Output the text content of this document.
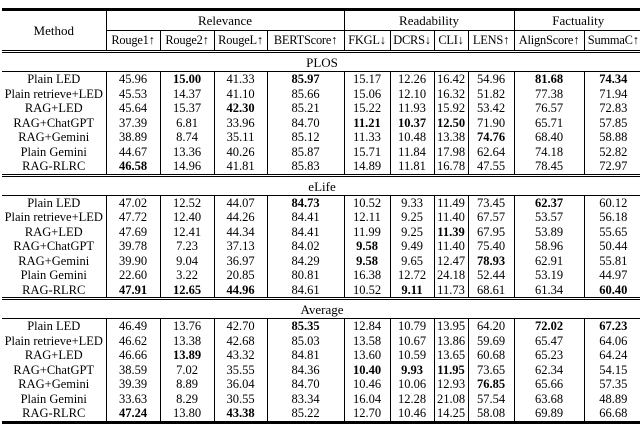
Method	Relevance				Readability				Factuality	
	Rouge1↑	Rouge2↑	RougeL↑	BERTScore↑	FKGL↓	DCRS↓	CLI↓	LENS↑	AlignScore↑	SummaC↑
PLOS										
Plain LED	45.96	15.00	41.33	85.97	15.17	12.26	16.42	54.96	81.68	74.34
Plain retrieve+LED	45.53	14.37	41.10	85.66	15.06	12.10	16.32	51.82	77.38	71.94
RAG+LED	45.64	15.37	42.30	85.21	15.22	11.93	15.92	53.42	76.57	72.83
RAG+ChatGPT	37.39	6.81	33.96	84.70	11.21	10.37	12.50	71.90	65.71	57.85
RAG+Gemini	38.89	8.74	35.11	85.12	11.33	10.48	13.38	74.76	68.40	58.88
Plain Gemini	44.67	13.36	40.26	85.87	15.71	11.84	17.98	62.64	74.18	52.82
RAG-RLRC	46.58	14.96	41.81	85.83	14.89	11.81	16.78	47.55	78.45	72.97
eLife										
Plain LED	47.02	12.52	44.07	84.73	10.52	9.33	11.49	73.45	62.37	60.12
Plain retrieve+LED	47.72	12.40	44.26	84.41	12.11	9.25	11.40	67.57	53.57	56.18
RAG+LED	47.69	12.41	44.34	84.41	11.99	9.25	11.39	67.95	53.89	55.65
RAG+ChatGPT	39.78	7.23	37.13	84.02	9.58	9.49	11.40	75.40	58.96	50.44
RAG+Gemini	39.90	9.04	36.97	84.29	9.58	9.65	12.47	78.93	62.91	55.81
Plain Gemini	22.60	3.22	20.85	80.81	16.38	12.72	24.18	52.44	53.19	44.97
RAG-RLRC	47.91	12.65	44.96	84.61	10.52	9.11	11.73	68.61	61.34	60.40
Average										
Plain LED	46.49	13.76	42.70	85.35	12.84	10.79	13.95	64.20	72.02	67.23
Plain retrieve+LED	46.62	13.38	42.68	85.03	13.58	10.67	13.86	59.69	65.47	64.06
RAG+LED	46.66	13.89	43.32	84.81	13.60	10.59	13.65	60.68	65.23	64.24
RAG+ChatGPT	38.59	7.02	35.55	84.36	10.40	9.93	11.95	73.65	62.34	54.15
RAG+Gemini	39.39	8.89	36.04	84.70	10.46	10.06	12.93	76.85	65.66	57.35
Plain Gemini	33.63	8.29	30.55	83.34	16.04	12.28	21.08	57.54	63.68	48.89
RAG-RLRC	47.24	13.80	43.38	85.22	12.70	10.46	14.25	58.08	69.89	66.68
